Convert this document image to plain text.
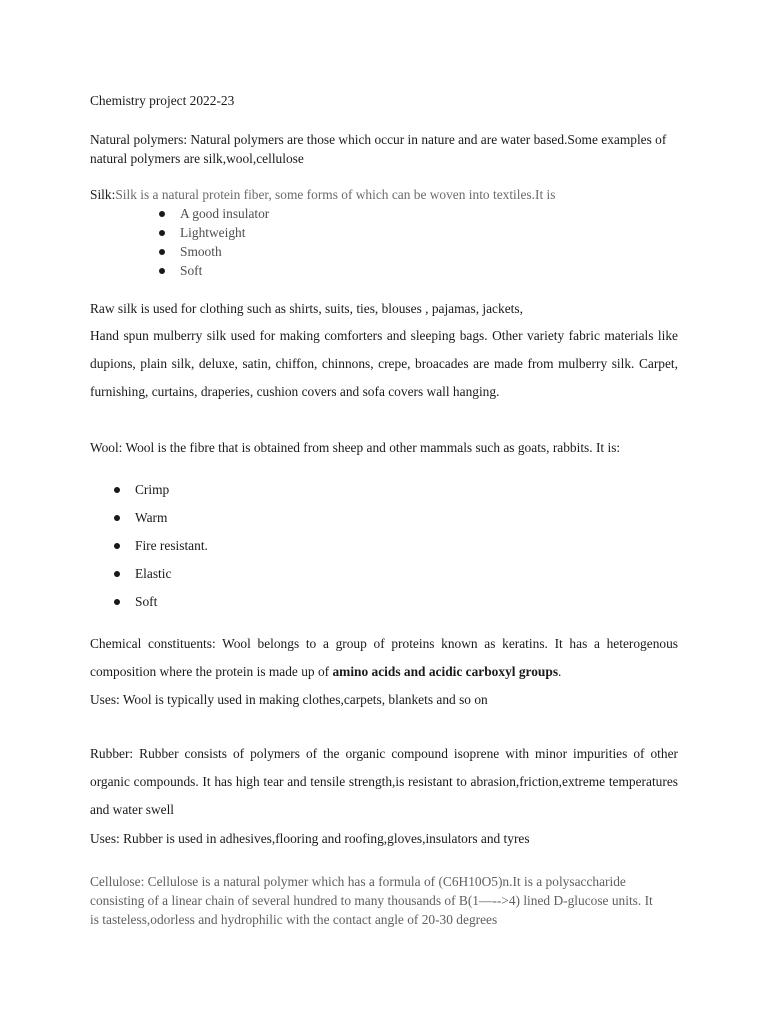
Chemistry project 2022-23
Natural polymers: Natural polymers are those which occur in nature and are water based.Some examples of natural polymers are silk,wool,cellulose
Silk:Silk is a natural protein fiber, some forms of which can be woven into textiles.It is
A good insulator
Lightweight
Smooth
Soft
Raw silk is used for clothing such as shirts, suits, ties, blouses , pajamas, jackets,
Hand spun mulberry silk used for making comforters and sleeping bags. Other variety fabric materials like dupions, plain silk, deluxe, satin, chiffon, chinnons, crepe, broacades are made from mulberry silk. Carpet, furnishing, curtains, draperies, cushion covers and sofa covers wall hanging.
Wool: Wool is the fibre that is obtained from sheep and other mammals such as goats, rabbits. It is:
Crimp
Warm
Fire resistant.
Elastic
Soft
Chemical constituents: Wool belongs to a group of proteins known as keratins. It has a heterogenous composition where the protein is made up of amino acids and acidic carboxyl groups.
Uses: Wool is typically used in making clothes,carpets, blankets and so on
Rubber: Rubber consists of polymers of the organic compound isoprene with minor impurities of other organic compounds. It has high tear and tensile strength,is resistant to abrasion,friction,extreme temperatures and water swell
Uses: Rubber is used in adhesives,flooring and roofing,gloves,insulators and tyres
Cellulose: Cellulose is a natural polymer which has a formula of (C6H10O5)n.It is a polysaccharide consisting of a linear chain of several hundred to many thousands of B(1—-->4) lined D-glucose units. It is tasteless,odorless and hydrophilic with the contact angle of 20-30 degrees
